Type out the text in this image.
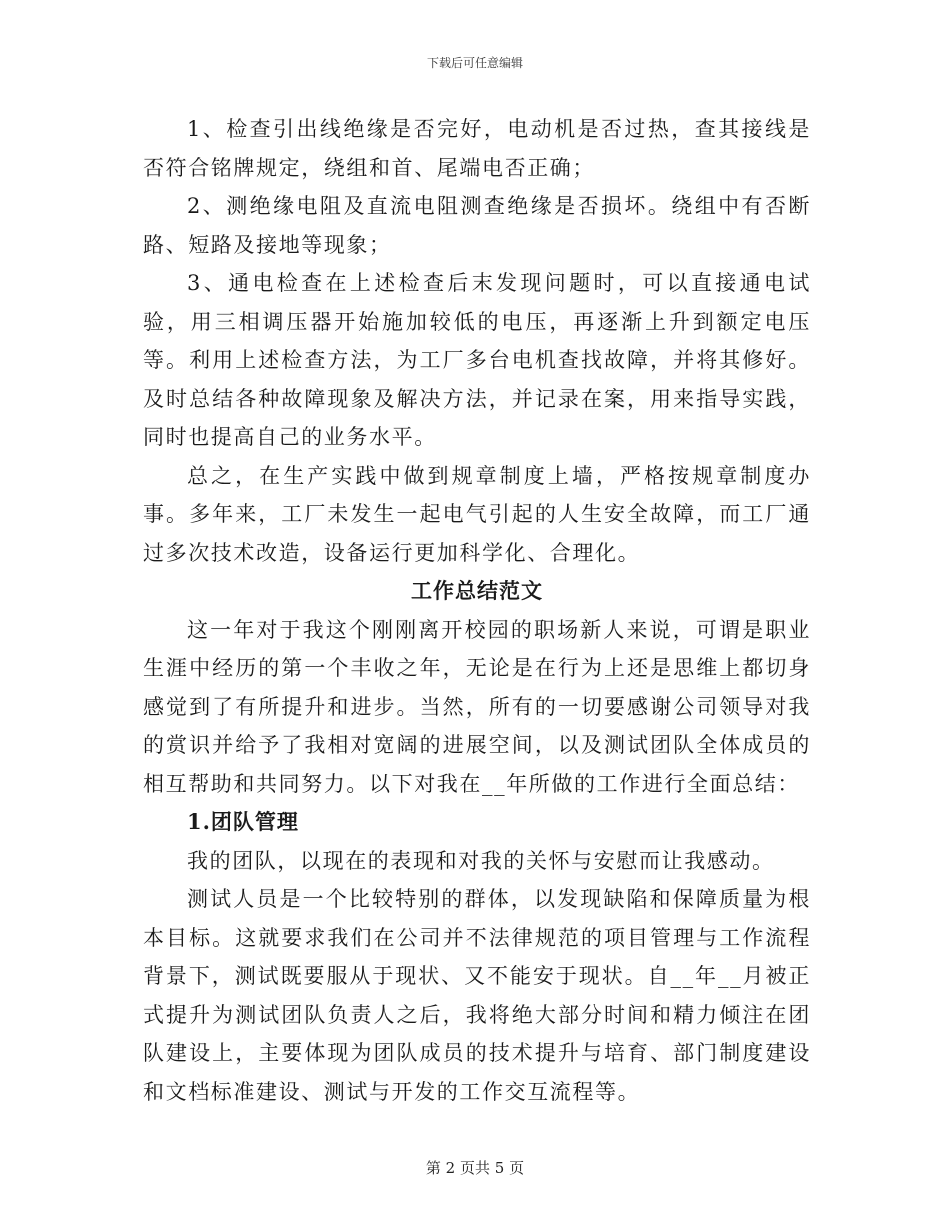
下载后可任意编辑

1、检查引出线绝缘是否完好，电动机是否过热，查其接线是否符合铭牌规定，绕组和首、尾端电否正确；

2、测绝缘电阻及直流电阻测查绝缘是否损坏。绕组中有否断路、短路及接地等现象；

3、通电检查在上述检查后末发现问题时，可以直接通电试验，用三相调压器开始施加较低的电压，再逐渐上升到额定电压等。利用上述检查方法，为工厂多台电机查找故障，并将其修好。及时总结各种故障现象及解决方法，并记录在案，用来指导实践，同时也提高自己的业务水平。

总之，在生产实践中做到规章制度上墙，严格按规章制度办事。多年来，工厂未发生一起电气引起的人生安全故障，而工厂通过多次技术改造，设备运行更加科学化、合理化。

工作总结范文

这一年对于我这个刚刚离开校园的职场新人来说，可谓是职业生涯中经历的第一个丰收之年，无论是在行为上还是思维上都切身感觉到了有所提升和进步。当然，所有的一切要感谢公司领导对我的赏识并给予了我相对宽阔的进展空间，以及测试团队全体成员的相互帮助和共同努力。以下对我在__年所做的工作进行全面总结：

1.团队管理

我的团队，以现在的表现和对我的关怀与安慰而让我感动。

测试人员是一个比较特别的群体，以发现缺陷和保障质量为根本目标。这就要求我们在公司并不法律规范的项目管理与工作流程背景下，测试既要服从于现状、又不能安于现状。自__年__月被正式提升为测试团队负责人之后，我将绝大部分时间和精力倾注在团队建设上，主要体现为团队成员的技术提升与培育、部门制度建设和文档标准建设、测试与开发的工作交互流程等。

第 2 页共 5 页
